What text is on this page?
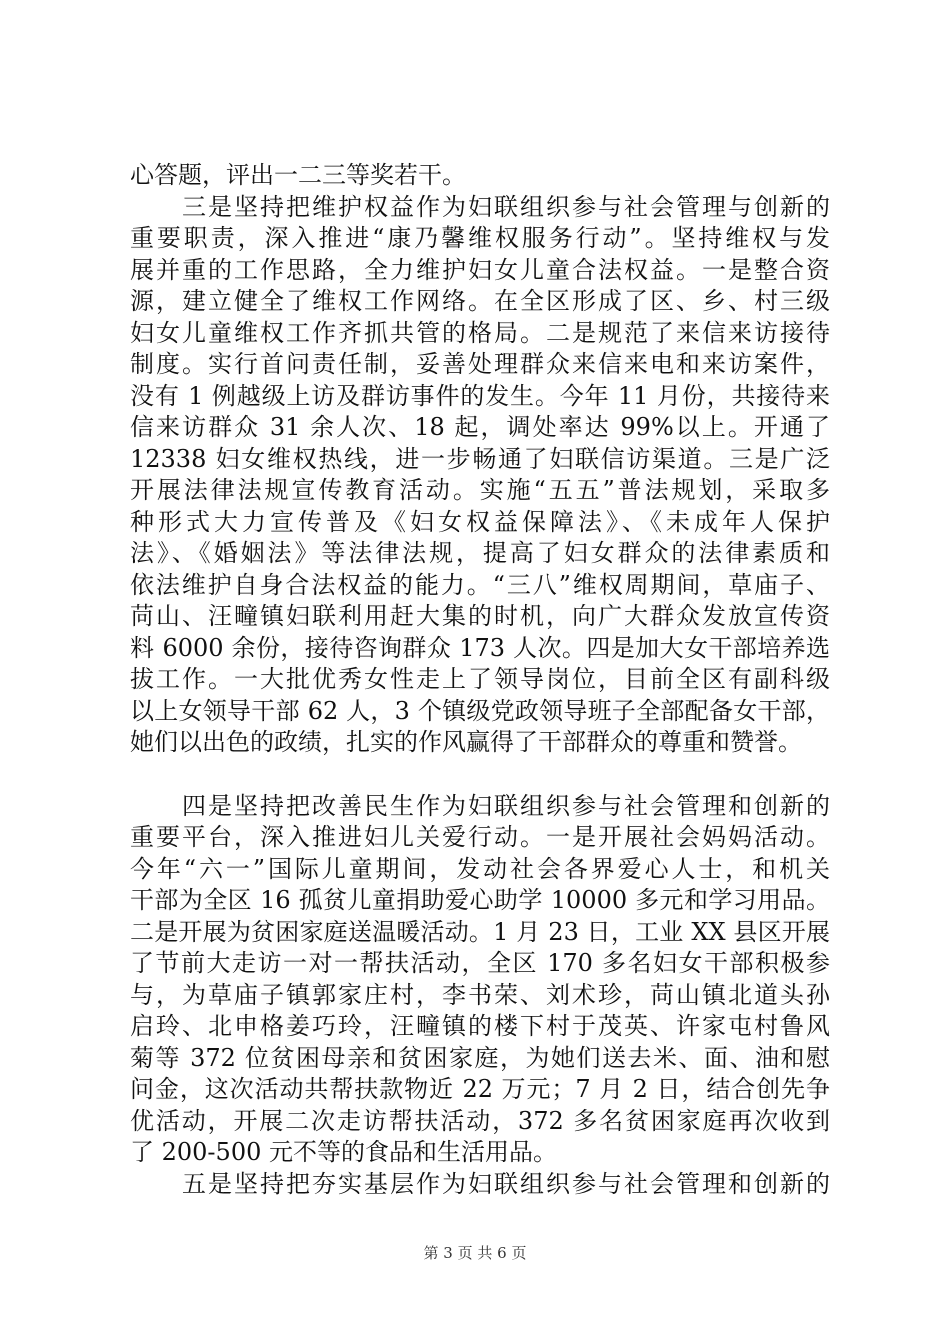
心答题，评出一二三等奖若干。
　　三是坚持把维护权益作为妇联组织参与社会管理与创新的
重要职责，深入推进“康乃馨维权服务行动”。坚持维权与发
展并重的工作思路，全力维护妇女儿童合法权益。一是整合资
源，建立健全了维权工作网络。在全区形成了区、乡、村三级
妇女儿童维权工作齐抓共管的格局。二是规范了来信来访接待
制度。实行首问责任制，妥善处理群众来信来电和来访案件，
没有 1 例越级上访及群访事件的发生。今年 11 月份，共接待来
信来访群众 31 余人次、18 起，调处率达 99%以上。开通了
12338 妇女维权热线，进一步畅通了妇联信访渠道。三是广泛
开展法律法规宣传教育活动。实施“五五”普法规划，采取多
种形式大力宣传普及《妇女权益保障法》、《未成年人保护
法》、《婚姻法》等法律法规，提高了妇女群众的法律素质和
依法维护自身合法权益的能力。“三八”维权周期间，草庙子、
苘山、汪疃镇妇联利用赶大集的时机，向广大群众发放宣传资
料 6000 余份，接待咨询群众 173 人次。四是加大女干部培养选
拔工作。一大批优秀女性走上了领导岗位，目前全区有副科级
以上女领导干部 62 人，3 个镇级党政领导班子全部配备女干部，
她们以出色的政绩，扎实的作风赢得了干部群众的尊重和赞誉。
　　四是坚持把改善民生作为妇联组织参与社会管理和创新的
重要平台，深入推进妇儿关爱行动。一是开展社会妈妈活动。
今年“六一”国际儿童期间，发动社会各界爱心人士，和机关
干部为全区 16 孤贫儿童捐助爱心助学 10000 多元和学习用品。
二是开展为贫困家庭送温暖活动。1 月 23 日，工业 XX 县区开展
了节前大走访一对一帮扶活动，全区 170 多名妇女干部积极参
与，为草庙子镇郭家庄村，李书荣、刘术珍，苘山镇北道头孙
启玲、北申格姜巧玲，汪疃镇的楼下村于茂英、许家屯村鲁风
菊等 372 位贫困母亲和贫困家庭，为她们送去米、面、油和慰
问金，这次活动共帮扶款物近 22 万元；7 月 2 日，结合创先争
优活动，开展二次走访帮扶活动，372 多名贫困家庭再次收到
了 200-500 元不等的食品和生活用品。
　　五是坚持把夯实基层作为妇联组织参与社会管理和创新的
第 3 页 共 6 页
